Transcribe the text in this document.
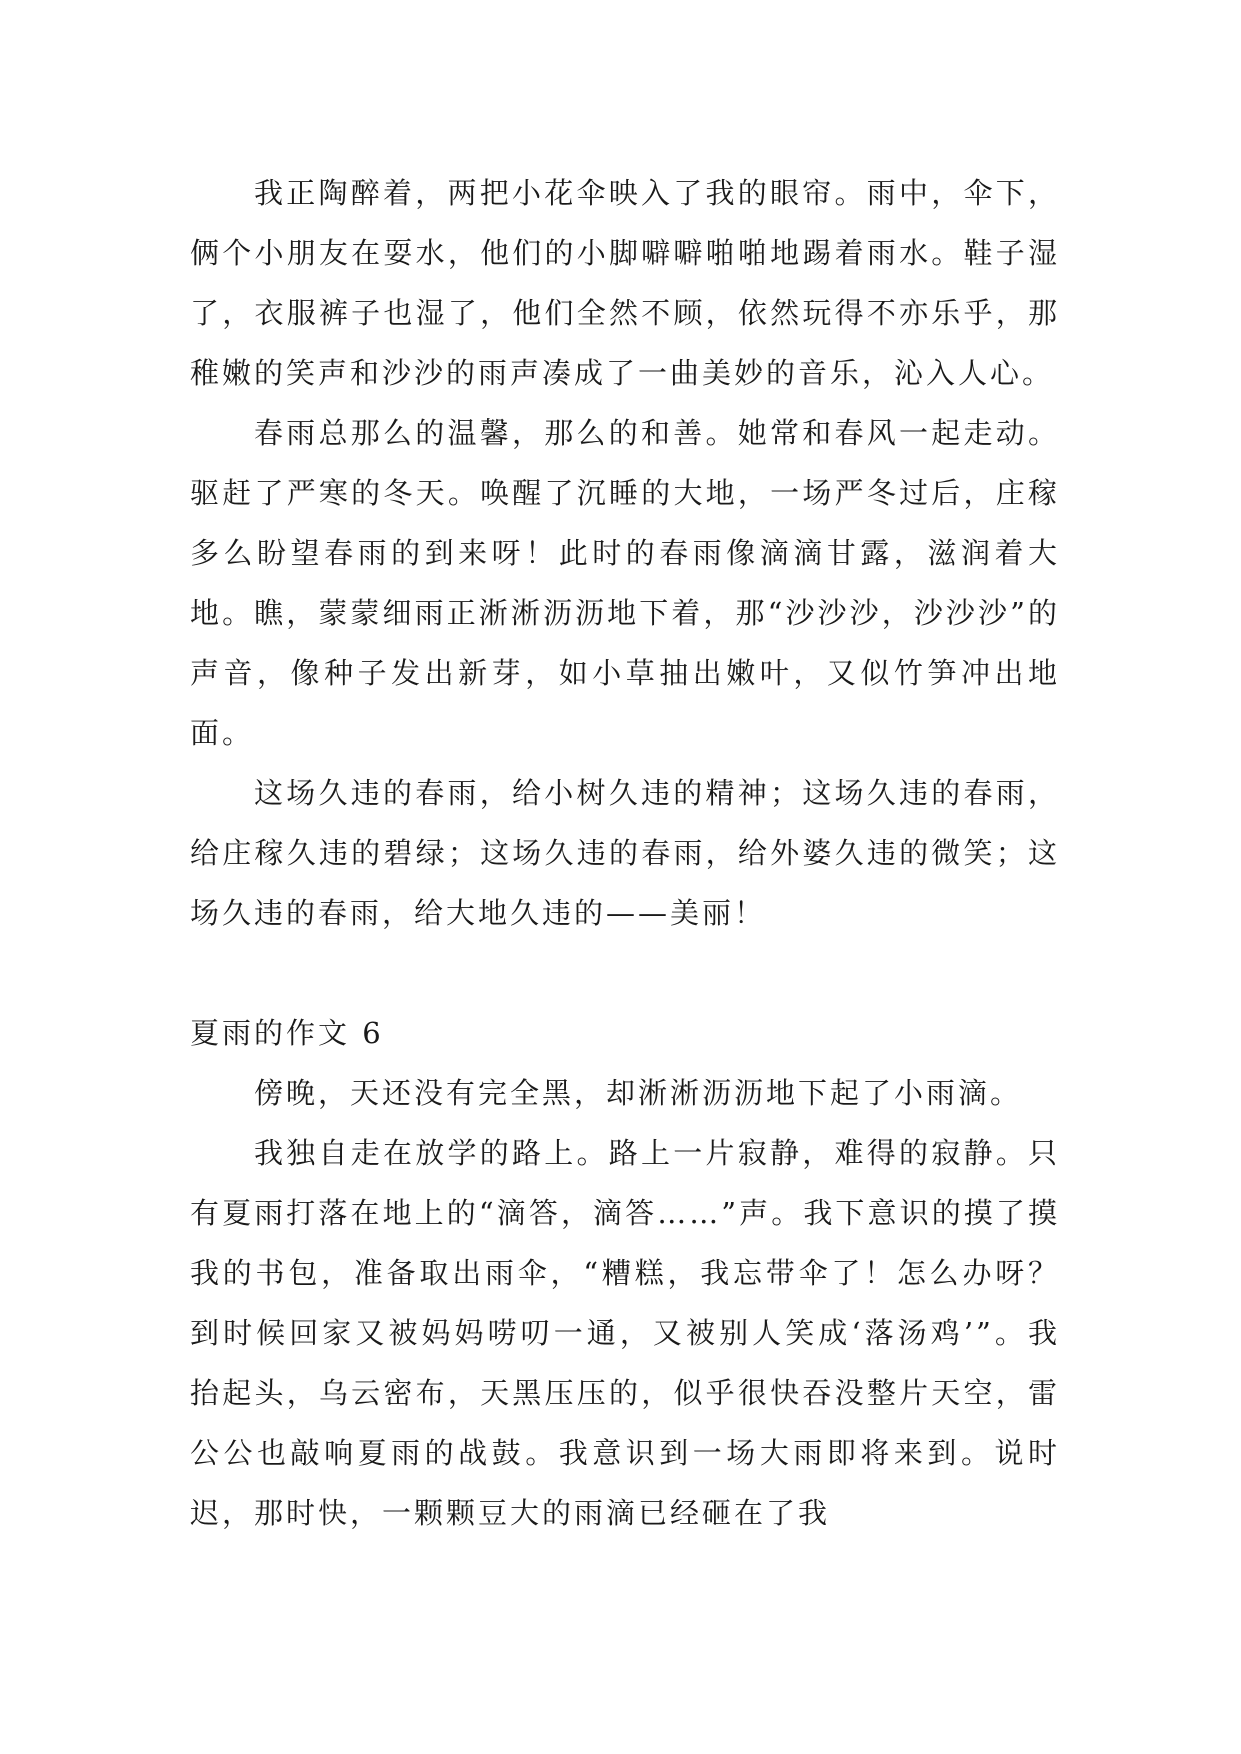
我正陶醉着，两把小花伞映入了我的眼帘。雨中，伞下，俩个小朋友在耍水，他们的小脚噼噼啪啪地踢着雨水。鞋子湿了，衣服裤子也湿了，他们全然不顾，依然玩得不亦乐乎，那稚嫩的笑声和沙沙的雨声凑成了一曲美妙的音乐，沁入人心。

春雨总那么的温馨，那么的和善。她常和春风一起走动。驱赶了严寒的冬天。唤醒了沉睡的大地，一场严冬过后，庄稼多么盼望春雨的到来呀！此时的春雨像滴滴甘露，滋润着大地。瞧，蒙蒙细雨正淅淅沥沥地下着，那“沙沙沙，沙沙沙”的声音，像种子发出新芽，如小草抽出嫩叶，又似竹笋冲出地面。

这场久违的春雨，给小树久违的精神；这场久违的春雨，给庄稼久违的碧绿；这场久违的春雨，给外婆久违的微笑；这场久违的春雨，给大地久违的——美丽！

夏雨的作文 6

傍晚，天还没有完全黑，却淅淅沥沥地下起了小雨滴。

我独自走在放学的路上。路上一片寂静，难得的寂静。只有夏雨打落在地上的“滴答，滴答……”声。我下意识的摸了摸我的书包，准备取出雨伞，“糟糕，我忘带伞了！怎么办呀？到时候回家又被妈妈唠叨一通，又被别人笑成‘落汤鸡’”。我抬起头，乌云密布，天黑压压的，似乎很快吞没整片天空，雷公公也敲响夏雨的战鼓。我意识到一场大雨即将来到。说时迟，那时快，一颗颗豆大的雨滴已经砸在了我
